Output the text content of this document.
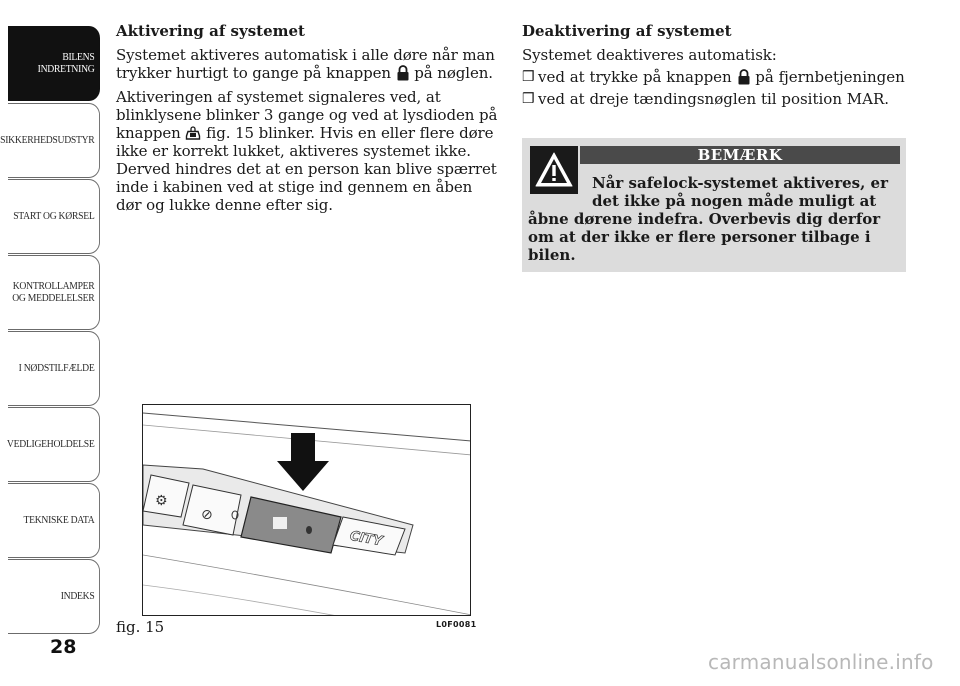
BILENS
INDRETNING
SIKKERHEDSUDSTYR
START OG KØRSEL
KONTROLLAMPER
OG MEDDELELSER
I NØDSTILFÆLDE
VEDLIGEHOLDELSE
TEKNISKE DATA
INDEKS
28
Aktivering af systemet

Systemet aktiveres automatisk i alle døre når man trykker hurtigt to gange på knappen på nøglen.

Aktiveringen af systemet signaleres ved, at blinklysene blinker 3 gange og ved at lysdioden på knappen fig. 15 blinker. Hvis en eller flere døre ikke er korrekt lukket, aktiveres systemet ikke. Derved hindres det at en person kan blive spærret inde i kabinen ved at stige ind gennem en åben dør og lukke denne efter sig.

Deaktivering af systemet

Systemet deaktiveres automatisk:

❒ ved at trykke på knappen på fjernbetjeningen
❒ ved at dreje tændingsnøglen til position MAR.
BEMÆRK
Når safelock-systemet aktiveres, er
det ikke på nogen måde muligt at
åbne dørene indefra. Overbevis dig derfor om at der ikke er flere personer tilbage i bilen.
⚙
⊘
CITY
fig. 15	L0F0081
carmanualsonline.info
